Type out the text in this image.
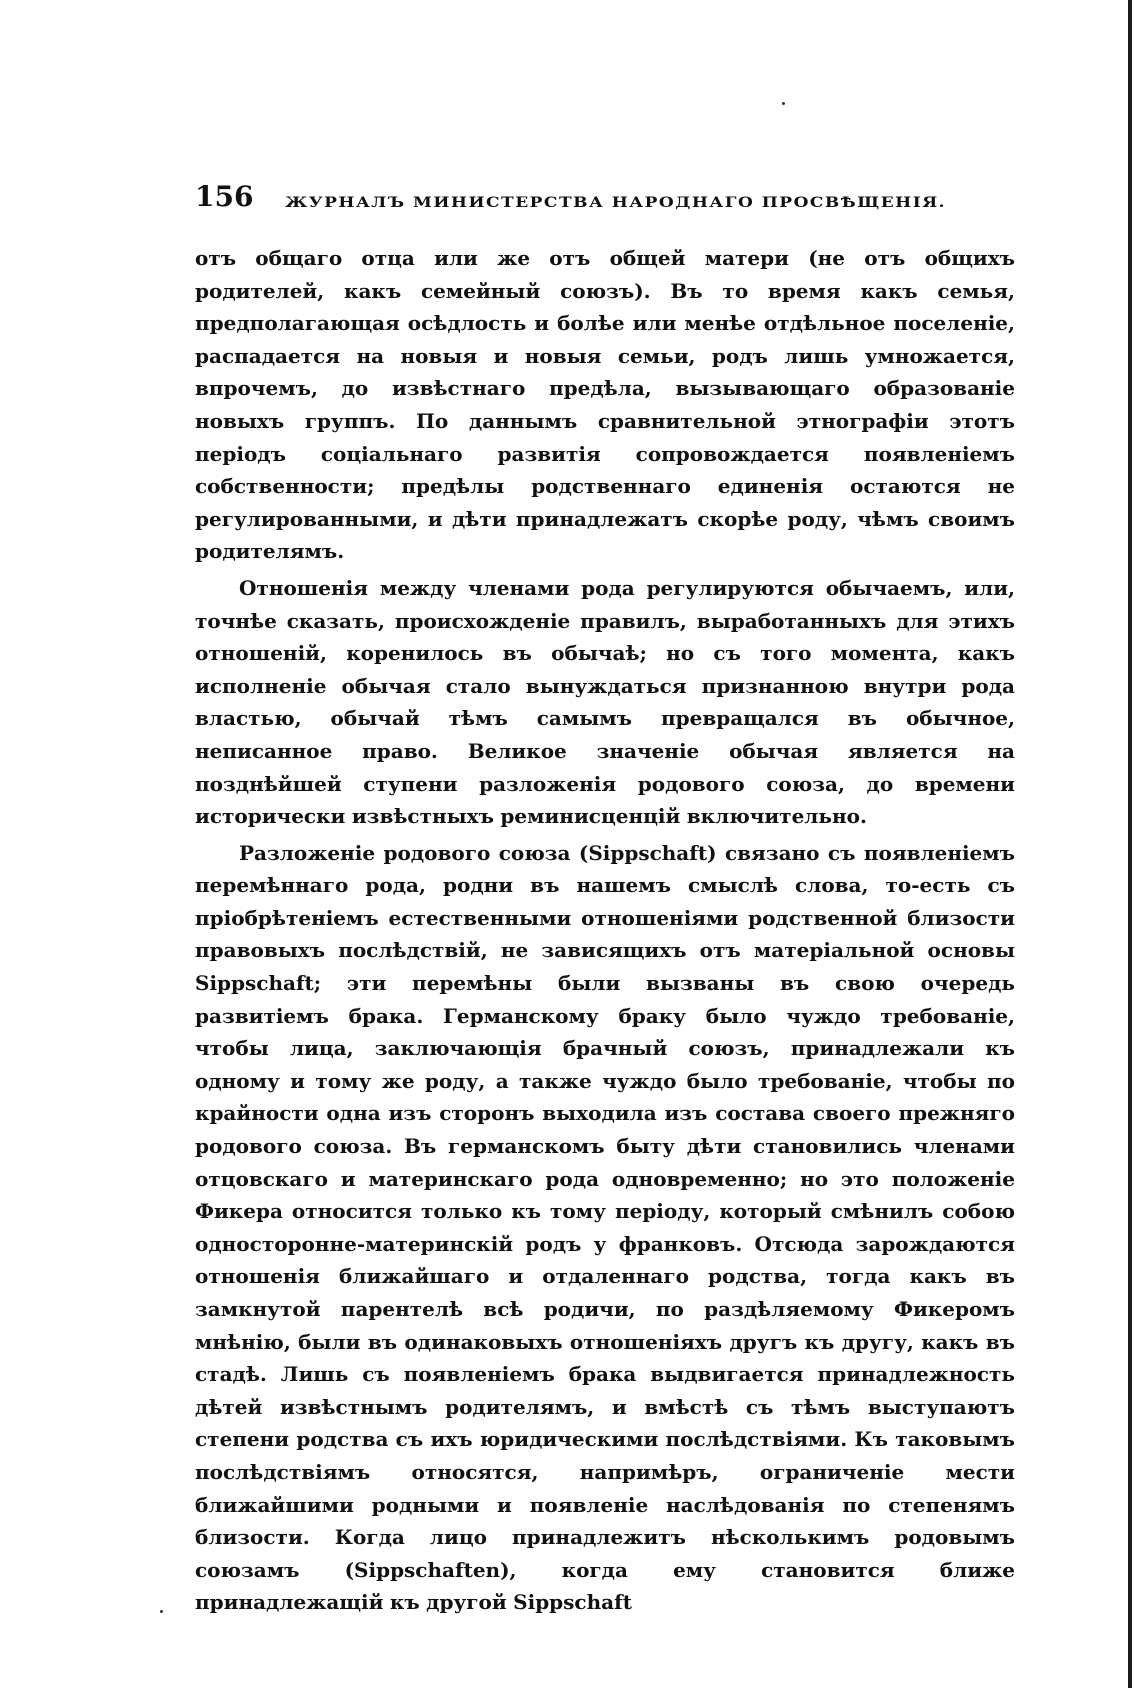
156	ЖУРНАЛЪ МИНИСТЕРСТВА НАРОДНАГО ПРОСВѢЩЕНІЯ.

отъ общаго отца или же отъ общей матери (не отъ общихъ родителей, какъ семейный союзъ). Въ то время какъ семья, предполагающая осѣдлость и болѣе или менѣе отдѣльное поселеніе, распадается на новыя и новыя семьи, родъ лишь умножается, впрочемъ, до извѣстнаго предѣла, вызывающаго образованіе новыхъ группъ. По даннымъ сравнительной этнографіи этотъ періодъ соціальнаго развитія сопровождается появленіемъ собственности; предѣлы родственнаго единенія остаются не регулированными, и дѣти принадлежатъ скорѣе роду, чѣмъ своимъ родителямъ.

Отношенія между членами рода регулируются обычаемъ, или, точнѣе сказать, происхожденіе правилъ, выработанныхъ для этихъ отношеній, коренилось въ обычаѣ; но съ того момента, какъ исполненіе обычая стало вынуждаться признанною внутри рода властью, обычай тѣмъ самымъ превращался въ обычное, неписанное право. Великое значеніе обычая является на позднѣйшей ступени разложенія родового союза, до времени исторически извѣстныхъ реминисценцій включительно.

Разложеніе родового союза (Sippschaft) связано съ появленіемъ перемѣннаго рода, родни въ нашемъ смыслѣ слова, то-есть съ пріобрѣтеніемъ естественными отношеніями родственной близости правовыхъ послѣдствій, не зависящихъ отъ матеріальной основы Sippschaft; эти перемѣны были вызваны въ свою очередь развитіемъ брака. Германскому браку было чуждо требованіе, чтобы лица, заключающія брачный союзъ, принадлежали къ одному и тому же роду, а также чуждо было требованіе, чтобы по крайности одна изъ сторонъ выходила изъ состава своего прежняго родового союза. Въ германскомъ быту дѣти становились членами отцовскаго и материнскаго рода одновременно; но это положеніе Фикера относится только къ тому періоду, который смѣнилъ собою односторонне-материнскій родъ у франковъ. Отсюда зарождаются отношенія ближайшаго и отдаленнаго родства, тогда какъ въ замкнутой парентелѣ всѣ родичи, по раздѣляемому Фикеромъ мнѣнію, были въ одинаковыхъ отношеніяхъ другъ къ другу, какъ въ стадѣ. Лишь съ появленіемъ брака выдвигается принадлежность дѣтей извѣстнымъ родителямъ, и вмѣстѣ съ тѣмъ выступаютъ степени родства съ ихъ юридическими послѣдствіями. Къ таковымъ послѣдствіямъ относятся, напримѣръ, ограниченіе мести ближайшими родными и появленіе наслѣдованія по степенямъ близости. Когда лицо принадлежитъ нѣсколькимъ родовымъ союзамъ (Sippschaften), когда ему становится ближе принадлежащій къ другой Sippschaft
